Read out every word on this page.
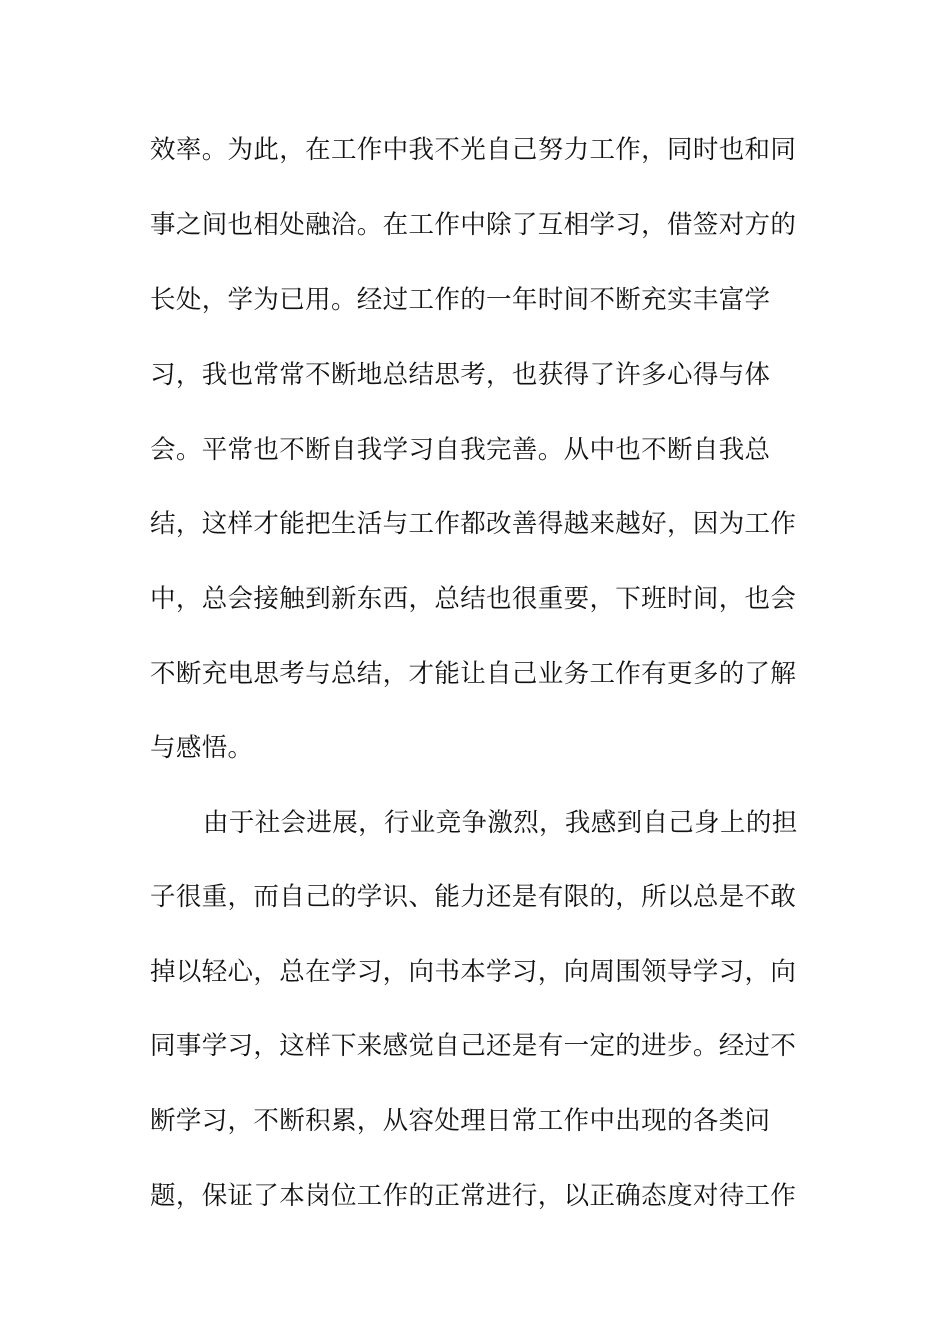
效率。为此，在工作中我不光自己努力工作，同时也和同
事之间也相处融洽。在工作中除了互相学习，借签对方的
长处，学为已用。经过工作的一年时间不断充实丰富学
习，我也常常不断地总结思考，也获得了许多心得与体
会。平常也不断自我学习自我完善。从中也不断自我总
结，这样才能把生活与工作都改善得越来越好，因为工作
中，总会接触到新东西，总结也很重要，下班时间，也会
不断充电思考与总结，才能让自己业务工作有更多的了解
与感悟。
由于社会进展，行业竞争激烈，我感到自己身上的担
子很重，而自己的学识、能力还是有限的，所以总是不敢
掉以轻心，总在学习，向书本学习，向周围领导学习，向
同事学习，这样下来感觉自己还是有一定的进步。经过不
断学习，不断积累，从容处理日常工作中出现的各类问
题，保证了本岗位工作的正常进行，以正确态度对待工作
